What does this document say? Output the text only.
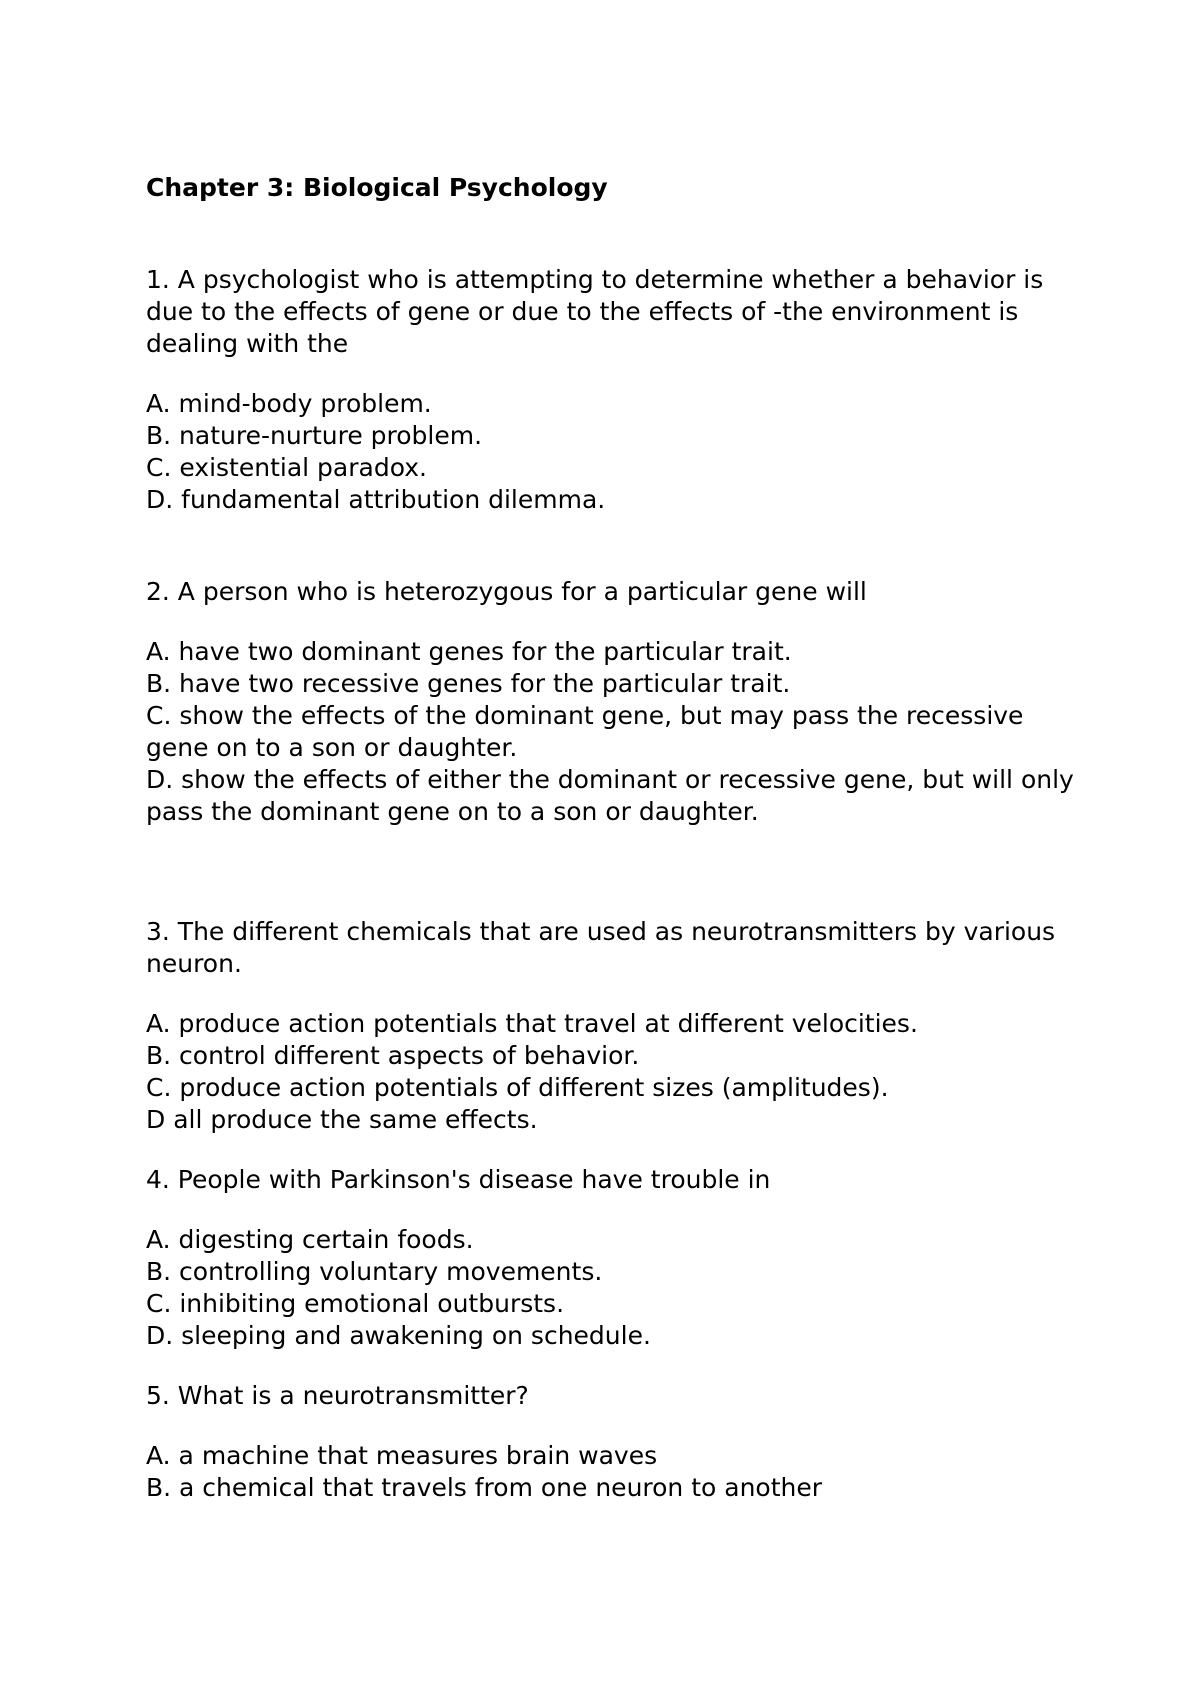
Chapter 3: Biological Psychology
1. A psychologist who is attempting to determine whether a behavior is due to the effects of gene or due to the effects of -the environment is dealing with the
A. mind-body problem.
B. nature-nurture problem.
C. existential paradox.
D. fundamental attribution dilemma.
2. A person who is heterozygous for a particular gene will
A. have two dominant genes for the particular trait.
B. have two recessive genes for the particular trait.
C. show the effects of the dominant gene, but may pass the recessive gene on to a son or daughter.
D. show the effects of either the dominant or recessive gene, but will only pass the dominant gene on to a son or daughter.
3. The different chemicals that are used as neurotransmitters by various neuron.
A. produce action potentials that travel at different velocities.
B. control different aspects of behavior.
C. produce action potentials of different sizes (amplitudes).
D all produce the same effects.
4. People with Parkinson's disease have trouble in
A. digesting certain foods.
B. controlling voluntary movements.
C. inhibiting emotional outbursts.
D. sleeping and awakening on schedule.
5. What is a neurotransmitter?
A. a machine that measures brain waves
B. a chemical that travels from one neuron to another
